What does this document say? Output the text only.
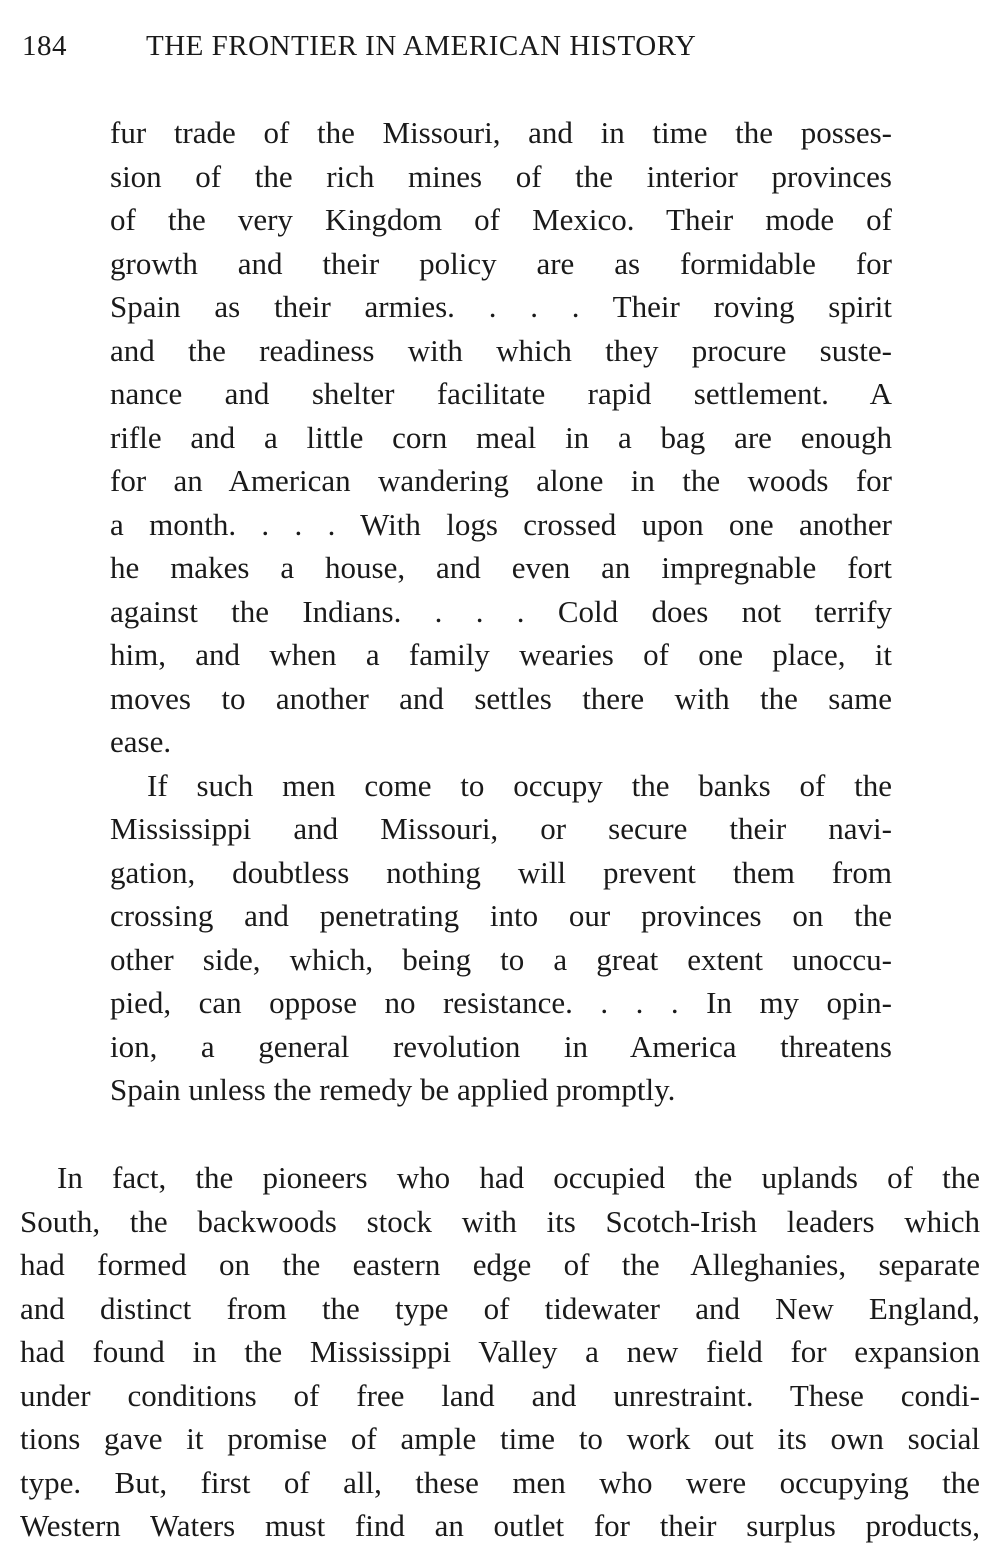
184	THE FRONTIER IN AMERICAN HISTORY
fur trade of the Missouri, and in time the posses-
sion of the rich mines of the interior provinces
of the very Kingdom of Mexico. Their mode of
growth and their policy are as formidable for
Spain as their armies. . . . Their roving spirit
and the readiness with which they procure suste-
nance and shelter facilitate rapid settlement. A
rifle and a little corn meal in a bag are enough
for an American wandering alone in the woods for
a month. . . . With logs crossed upon one another
he makes a house, and even an impregnable fort
against the Indians. . . . Cold does not terrify
him, and when a family wearies of one place, it
moves to another and settles there with the same
ease.
If such men come to occupy the banks of the
Mississippi and Missouri, or secure their navi-
gation, doubtless nothing will prevent them from
crossing and penetrating into our provinces on the
other side, which, being to a great extent unoccu-
pied, can oppose no resistance. . . . In my opin-
ion, a general revolution in America threatens
Spain unless the remedy be applied promptly.
In fact, the pioneers who had occupied the uplands of the
South, the backwoods stock with its Scotch-Irish leaders which
had formed on the eastern edge of the Alleghanies, separate
and distinct from the type of tidewater and New England,
had found in the Mississippi Valley a new field for expansion
under conditions of free land and unrestraint. These condi-
tions gave it promise of ample time to work out its own social
type. But, first of all, these men who were occupying the
Western Waters must find an outlet for their surplus products,
